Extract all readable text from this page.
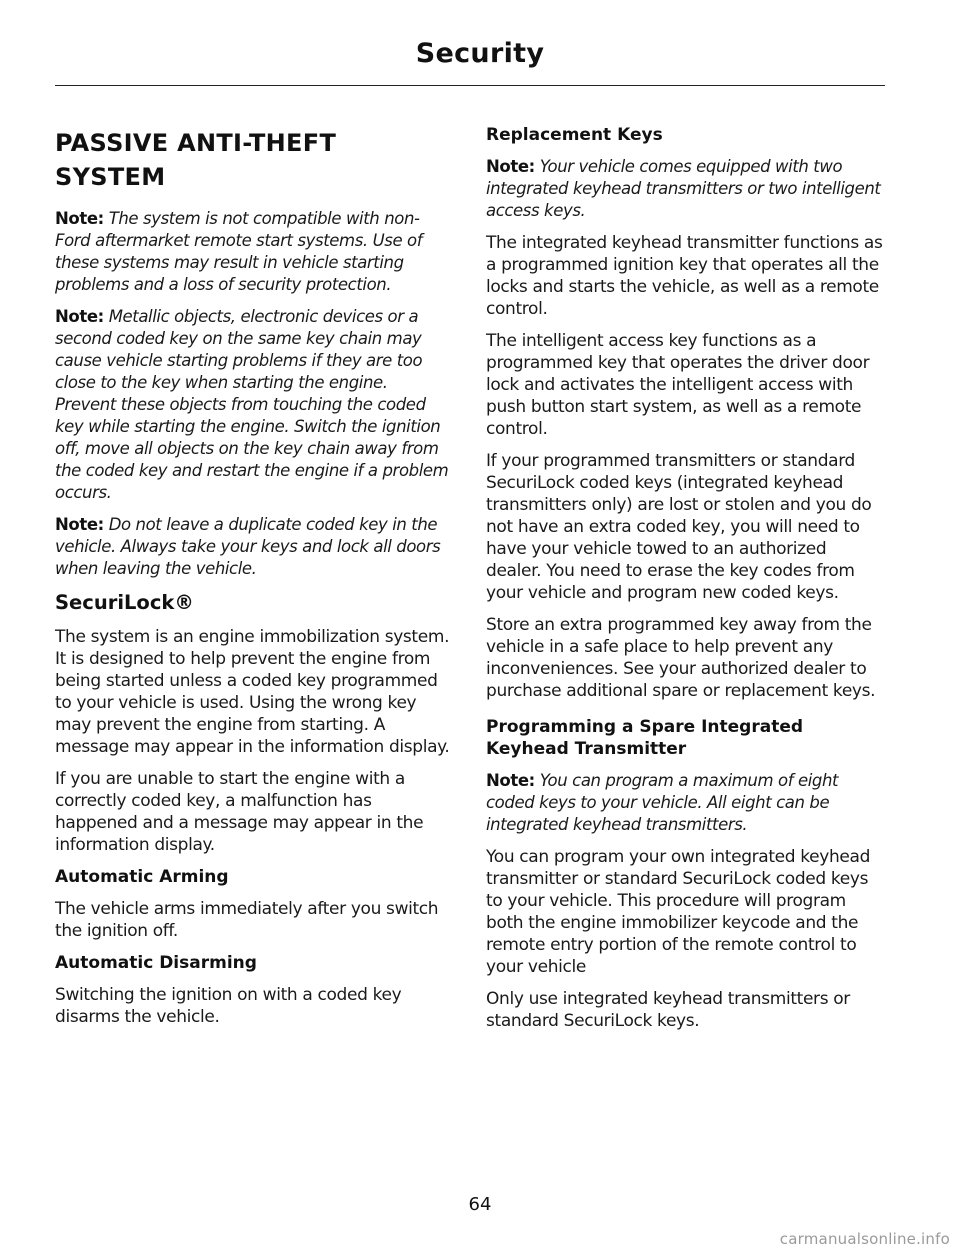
Security
PASSIVE ANTI-THEFT
SYSTEM
Note: The system is not compatible with non-Ford aftermarket remote start systems. Use of these systems may result in vehicle starting problems and a loss of security protection.
Note: Metallic objects, electronic devices or a second coded key on the same key chain may cause vehicle starting problems if they are too close to the key when starting the engine. Prevent these objects from touching the coded key while starting the engine. Switch the ignition off, move all objects on the key chain away from the coded key and restart the engine if a problem occurs.
Note: Do not leave a duplicate coded key in the vehicle. Always take your keys and lock all doors when leaving the vehicle.
SecuriLock®
The system is an engine immobilization system. It is designed to help prevent the engine from being started unless a coded key programmed to your vehicle is used. Using the wrong key may prevent the engine from starting. A message may appear in the information display.
If you are unable to start the engine with a correctly coded key, a malfunction has happened and a message may appear in the information display.
Automatic Arming
The vehicle arms immediately after you switch the ignition off.
Automatic Disarming
Switching the ignition on with a coded key disarms the vehicle.
Replacement Keys
Note: Your vehicle comes equipped with two integrated keyhead transmitters or two intelligent access keys.
The integrated keyhead transmitter functions as a programmed ignition key that operates all the locks and starts the vehicle, as well as a remote control.
The intelligent access key functions as a programmed key that operates the driver door lock and activates the intelligent access with push button start system, as well as a remote control.
If your programmed transmitters or standard SecuriLock coded keys (integrated keyhead transmitters only) are lost or stolen and you do not have an extra coded key, you will need to have your vehicle towed to an authorized dealer. You need to erase the key codes from your vehicle and program new coded keys.
Store an extra programmed key away from the vehicle in a safe place to help prevent any inconveniences. See your authorized dealer to purchase additional spare or replacement keys.
Programming a Spare Integrated
Keyhead Transmitter
Note: You can program a maximum of eight coded keys to your vehicle. All eight can be integrated keyhead transmitters.
You can program your own integrated keyhead transmitter or standard SecuriLock coded keys to your vehicle. This procedure will program both the engine immobilizer keycode and the remote entry portion of the remote control to your vehicle
Only use integrated keyhead transmitters or standard SecuriLock keys.
64
carmanualsonline.info
